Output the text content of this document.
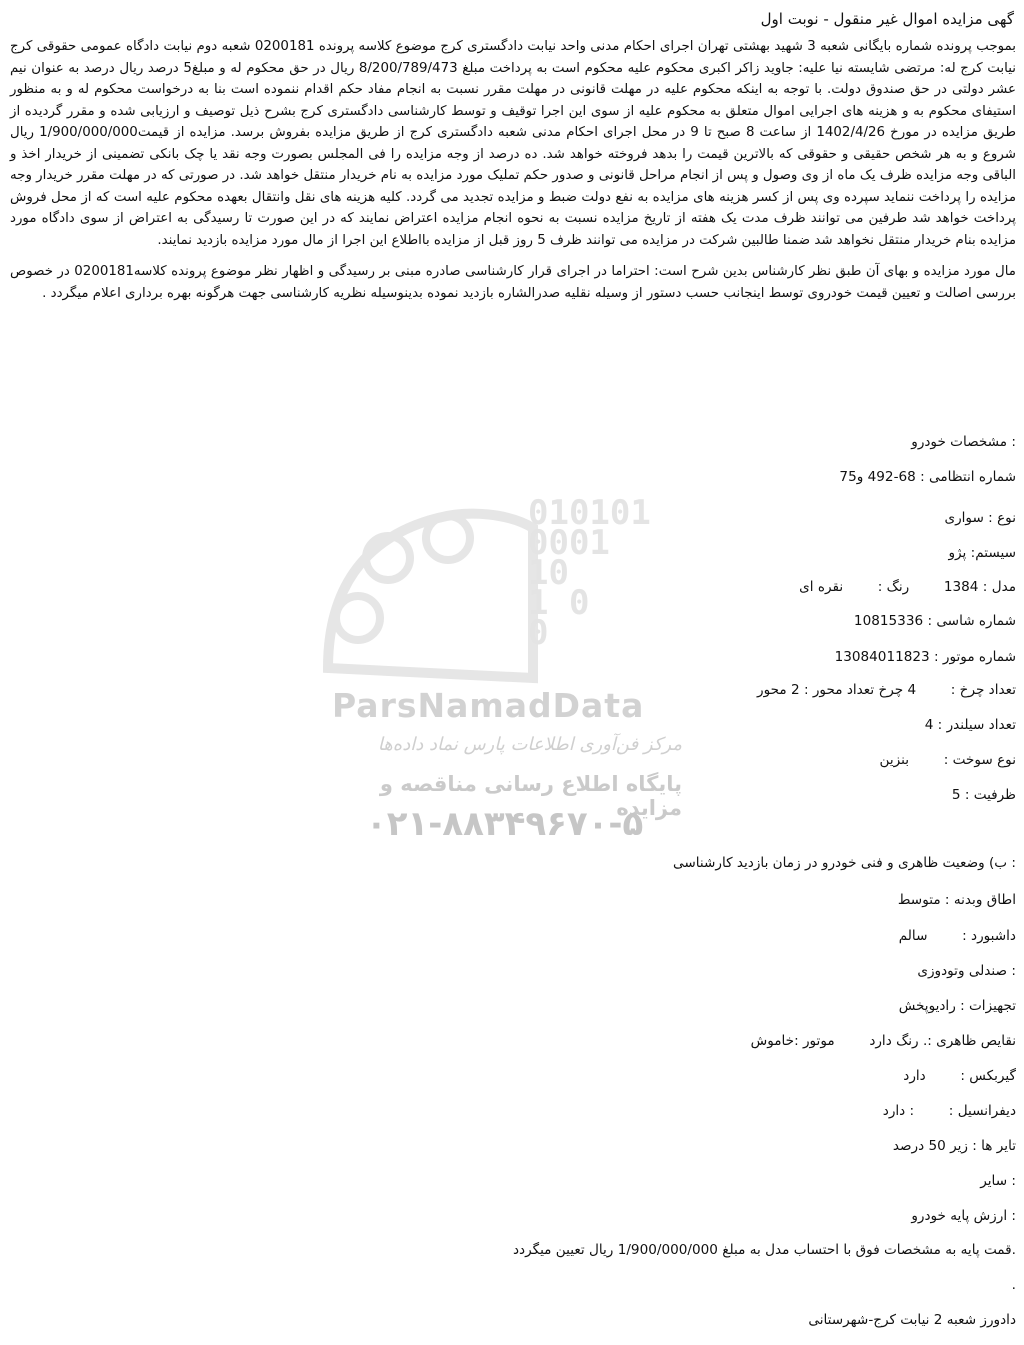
گهی مزایده اموال غیر منقول - نوبت اول

بموجب پرونده شماره بایگانی شعبه 3 شهید بهشتی تهران اجرای احکام مدنی واحد نیابت دادگستری کرج موضوع کلاسه پرونده 0200181 شعبه دوم نیابت دادگاه عمومی حقوقی کرج نیابت کرج له: مرتضی شایسته نیا علیه: جاوید زاکر اکبری محکوم علیه محکوم است به پرداخت مبلغ 8/200/789/473 ریال در حق محکوم له و مبلغ5 درصد ریال درصد به عنوان نیم عشر دولتی در حق صندوق دولت. با توجه به اینکه محکوم علیه در مهلت قانونی در مهلت مقرر نسبت به انجام مفاد حکم اقدام ننموده است بنا به درخواست محکوم له و به منظور استیفای محکوم به و هزینه های اجرایی اموال متعلق به محکوم علیه از سوی این اجرا توقیف و توسط کارشناسی دادگستری کرج بشرح ذیل توصیف و ارزیابی شده و مقرر گردیده از طریق مزایده در مورخ 1402/4/26 از ساعت 8 صبح تا 9 در محل اجرای احکام مدنی شعبه دادگستری کرج از طریق مزایده بفروش برسد. مزایده از قیمت1/900/000/000 ریال شروع و به هر شخص حقیقی و حقوقی که بالاترین قیمت را بدهد فروخته خواهد شد. ده درصد از وجه مزایده را فی المجلس بصورت وجه نقد یا چک بانکی تضمینی از خریدار اخذ و الباقی وجه مزایده ظرف یک ماه از وی وصول و پس از انجام مراحل قانونی و صدور حکم تملیک مورد مزایده به نام خریدار منتقل خواهد شد. در صورتی که در مهلت مقرر خریدار وجه مزایده را پرداخت ننماید سپرده وی پس از کسر هزینه های مزایده به نفع دولت ضبط و مزایده تجدید می گردد. کلیه هزینه های نقل وانتقال بعهده محکوم علیه است که از محل فروش پرداخت خواهد شد طرفین می توانند ظرف مدت یک هفته از تاریخ مزایده نسبت به نحوه انجام مزایده اعتراض نمایند که در این صورت تا رسیدگی به اعتراض از سوی دادگاه مورد مزایده بنام خریدار منتقل نخواهد شد ضمنا طالبین شرکت در مزایده می توانند ظرف 5 روز قبل از مزایده بااطلاع این اجرا از مال مورد مزایده بازدید نمایند.

مال مورد مزایده و بهای آن طبق نظر کارشناس بدین شرح است: احتراما در اجرای قرار کارشناسی صادره مبنی بر رسیدگی و اظهار نظر موضوع پرونده کلاسه0200181 در خصوص بررسی اصالت و تعیین قیمت خودروی توسط اینجانب حسب دستور از وسیله نقلیه صدرالشاره بازدید نموده بدینوسیله نظریه کارشناسی جهت هرگونه بهره برداری اعلام میگردد .

مشخصات خودرو :
شماره انتظامی : 68-492 و75
نوع : سواری
سیستم: پژو
مدل : 1384  رنگ :  نقره ای
شماره شاسی : 10815336
شماره موتور : 13084011823
تعداد چرخ :  4 چرخ تعداد محور : 2 محور
تعداد سیلندر : 4
نوع سوخت :  بنزین
ظرفیت : 5
ب) وضعیت ظاهری و فنی خودرو در زمان بازدید کارشناسی :
اطاق وبدنه : متوسط
داشبورد :  سالم
صندلی وتودوزی :
تجهیزات : رادیوپخش
نقایص ظاهری :. رنگ دارد  موتور :خاموش
گیربکس :  دارد
دیفرانسیل :  : دارد
تایر ها : زیر 50 درصد
سایر :
ارزش پایه خودرو :
قمت پایه به مشخصات فوق با احتساب مدل به مبلغ 1/900/000/000 ریال تعیین میگردد.
.
دادورز شعبه 2 نیابت کرج-شهرستانی
010101
0001
10
1 0
0
ParsNamadData
مرکز فن‌آوری اطلاعات پارس نماد داده‌ها
پایگاه اطلاع رسانی مناقصه و مزایده
۰۲۱-۸۸۳۴۹۶۷۰-۵
